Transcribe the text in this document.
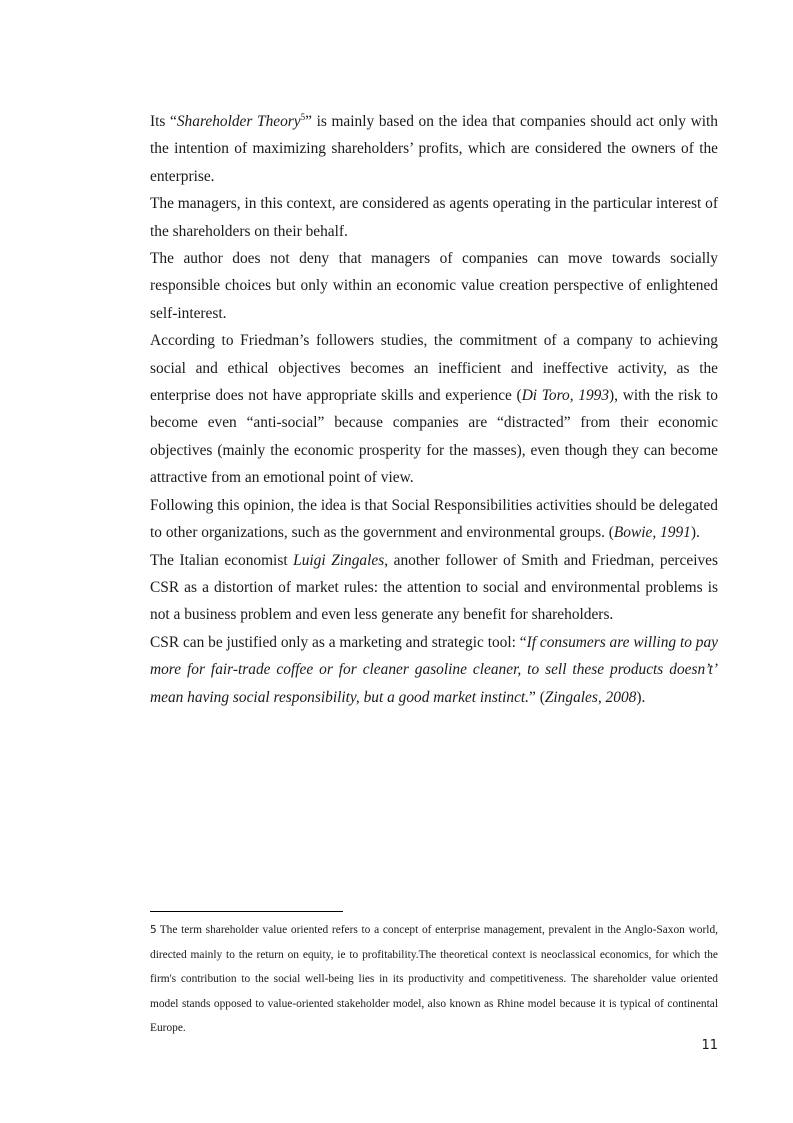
Its “Shareholder Theory$^5$” is mainly based on the idea that companies should act only with the intention of maximizing shareholders’ profits, which are considered the owners of the enterprise.

The managers, in this context, are considered as agents operating in the particular interest of the shareholders on their behalf.

The author does not deny that managers of companies can move towards socially responsible choices but only within an economic value creation perspective of enlightened self-interest.

According to Friedman’s followers studies, the commitment of a company to achieving social and ethical objectives becomes an inefficient and ineffective activity, as the enterprise does not have appropriate skills and experience (Di Toro, 1993), with the risk to become even “anti-social” because companies are “distracted” from their economic objectives (mainly the economic prosperity for the masses), even though they can become attractive from an emotional point of view.

Following this opinion, the idea is that Social Responsibilities activities should be delegated to other organizations, such as the government and environmental groups. (Bowie, 1991).

The Italian economist Luigi Zingales, another follower of Smith and Friedman, perceives CSR as a distortion of market rules: the attention to social and environmental problems is not a business problem and even less generate any benefit for shareholders.

CSR can be justified only as a marketing and strategic tool: “If consumers are willing to pay more for fair-trade coffee or for cleaner gasoline cleaner, to sell these products doesn’t’ mean having social responsibility, but a good market instinct.” (Zingales, 2008).

5 The term shareholder value oriented refers to a concept of enterprise management, prevalent in the Anglo-Saxon world, directed mainly to the return on equity, ie to profitability.The theoretical context is neoclassical economics, for which the firm's contribution to the social well-being lies in its productivity and competitiveness. The shareholder value oriented model stands opposed to value-oriented stakeholder model, also known as Rhine model because it is typical of continental Europe.

11
